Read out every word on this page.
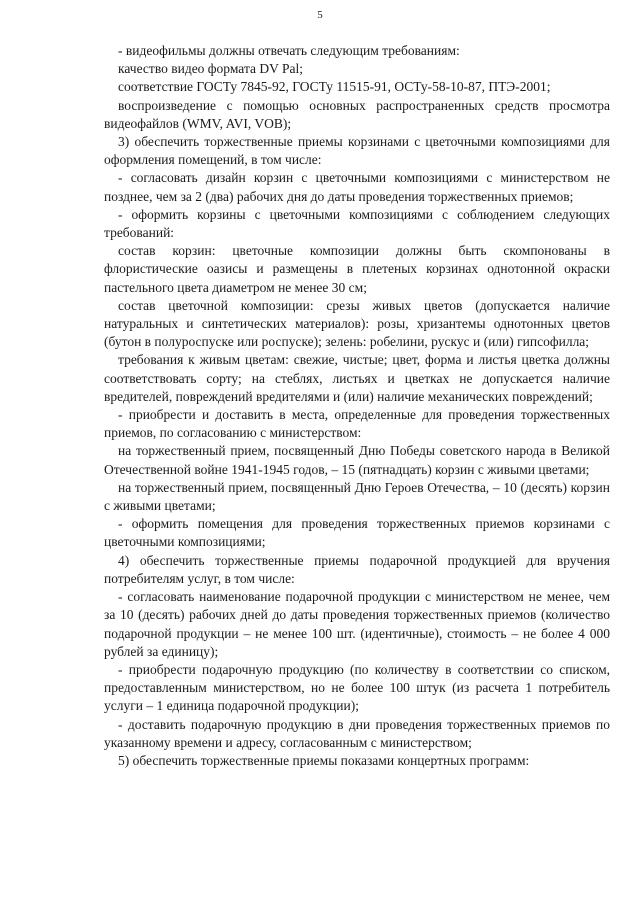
5

- видеофильмы должны отвечать следующим требованиям:

качество видео формата DV Pal;

соответствие ГОСТу 7845-92, ГОСТу 11515-91, ОСТу-58-10-87, ПТЭ-2001;

воспроизведение с помощью основных распространенных средств просмотра видеофайлов (WMV, AVI, VOB);

3) обеспечить торжественные приемы корзинами с цветочными композициями для оформления помещений, в том числе:

- согласовать дизайн корзин с цветочными композициями с министерством не позднее, чем за 2 (два) рабочих дня до даты проведения торжественных приемов;

- оформить корзины с цветочными композициями с соблюдением следующих требований:

состав корзин: цветочные композиции должны быть скомпонованы в флористические оазисы и размещены в плетеных корзинах однотонной окраски пастельного цвета диаметром не менее 30 см;

состав цветочной композиции: срезы живых цветов (допускается наличие натуральных и синтетических материалов): розы, хризантемы однотонных цветов (бутон в полуроспуске или роспуске); зелень: робелини, рускус и (или) гипсофилла;

требования к живым цветам: свежие, чистые; цвет, форма и листья цветка должны соответствовать сорту; на стеблях, листьях и цветках не допускается наличие вредителей, повреждений вредителями и (или) наличие механических повреждений;

- приобрести и доставить в места, определенные для проведения торжественных приемов, по согласованию с министерством:

на торжественный прием, посвященный Дню Победы советского народа в Великой Отечественной войне 1941-1945 годов, – 15 (пятнадцать) корзин с живыми цветами;

на торжественный прием, посвященный Дню Героев Отечества, – 10 (десять) корзин с живыми цветами;

- оформить помещения для проведения торжественных приемов корзинами с цветочными композициями;

4) обеспечить торжественные приемы подарочной продукцией для вручения потребителям услуг, в том числе:

- согласовать наименование подарочной продукции с министерством не менее, чем за 10 (десять) рабочих дней до даты проведения торжественных приемов (количество подарочной продукции – не менее 100 шт. (идентичные), стоимость – не более 4 000 рублей за единицу);

- приобрести подарочную продукцию (по количеству в соответствии со списком, предоставленным министерством, но не более 100 штук (из расчета 1 потребитель услуги – 1 единица подарочной продукции);

- доставить подарочную продукцию в дни проведения торжественных приемов по указанному времени и адресу, согласованным с министерством;

5) обеспечить торжественные приемы показами концертных программ:
